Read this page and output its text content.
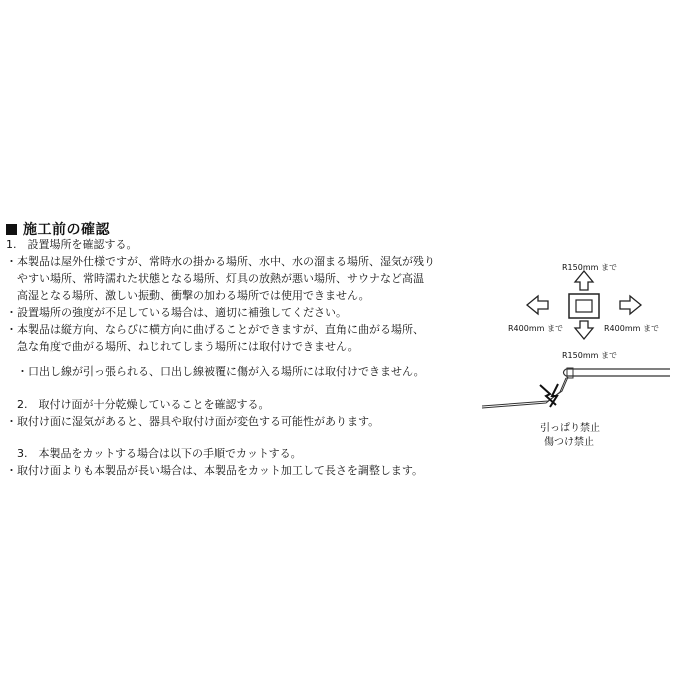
施工前の確認
1.　設置場所を確認する。
・本製品は屋外仕様ですが、常時水の掛かる場所、水中、水の溜まる場所、湿気が残り
　やすい場所、常時濡れた状態となる場所、灯具の放熱が悪い場所、サウナなど高温
　高湿となる場所、激しい振動、衝撃の加わる場所では使用できません。
・設置場所の強度が不足している場合は、適切に補強してください。
・本製品は縦方向、ならびに横方向に曲げることができますが、直角に曲がる場所、
　急な角度で曲がる場所、ねじれてしまう場所には取付けできません。
　・口出し線が引っ張られる、口出し線被覆に傷が入る場所には取付けできません。
　2.　取付け面が十分乾燥していることを確認する。
・取付け面に湿気があると、器具や取付け面が変色する可能性があります。
　3.　本製品をカットする場合は以下の手順でカットする。
・取付け面よりも本製品が長い場合は、本製品をカット加工して長さを調整します。
R150mm まで
R400mm まで	R400mm まで
R150mm まで
引っぱり禁止
傷つけ禁止
